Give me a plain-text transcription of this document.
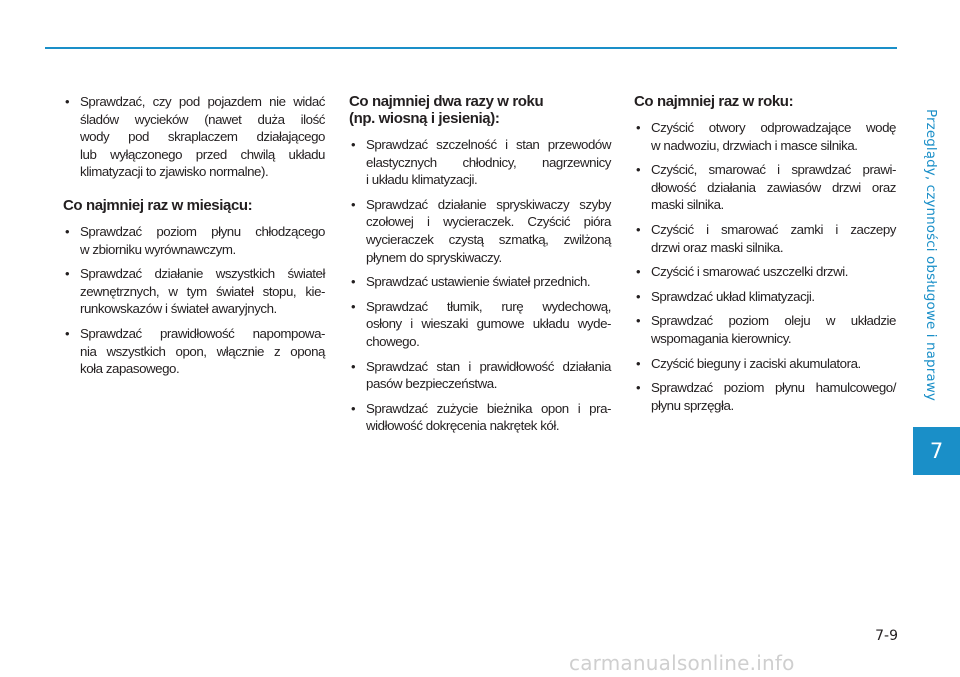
• Sprawdzać, czy pod pojazdem nie widać
śladów wycieków (nawet duża ilość
wody pod skraplaczem działającego
lub wyłączonego przed chwilą układu
klimatyzacji to zjawisko normalne).
Co najmniej raz w miesiącu:
• Sprawdzać poziom płynu chłodzącego
w zbiorniku wyrównawczym.
• Sprawdzać działanie wszystkich świateł
zewnętrznych, w tym świateł stopu, kie-
runkowskazów i świateł awaryjnych.
• Sprawdzać prawidłowość napompowa-
nia wszystkich opon, włącznie z oponą
koła zapasowego.
Co najmniej dwa razy w roku
(np. wiosną i jesienią):
• Sprawdzać szczelność i stan przewodów
elastycznych chłodnicy, nagrzewnicy
i układu klimatyzacji.
• Sprawdzać działanie spryskiwaczy szyby
czołowej i wycieraczek. Czyścić pióra
wycieraczek czystą szmatką, zwilżoną
płynem do spryskiwaczy.
• Sprawdzać ustawienie świateł przednich.
• Sprawdzać tłumik, rurę wydechową,
osłony i wieszaki gumowe układu wyde-
chowego.
• Sprawdzać stan i prawidłowość działania
pasów bezpieczeństwa.
• Sprawdzać zużycie bieżnika opon i pra-
widłowość dokręcenia nakrętek kół.
Co najmniej raz w roku:
• Czyścić otwory odprowadzające wodę
w nadwoziu, drzwiach i masce silnika.
• Czyścić, smarować i sprawdzać prawi-
dłowość działania zawiasów drzwi oraz
maski silnika.
• Czyścić i smarować zamki i zaczepy
drzwi oraz maski silnika.
• Czyścić i smarować uszczelki drzwi.
• Sprawdzać układ klimatyzacji.
• Sprawdzać poziom oleju w układzie
wspomagania kierownicy.
• Czyścić bieguny i zaciski akumulatora.
• Sprawdzać poziom płynu hamulcowego/
płynu sprzęgła.
Przeglądy, czynności obsługowe i naprawy
7
7-9
carmanualsonline.info
